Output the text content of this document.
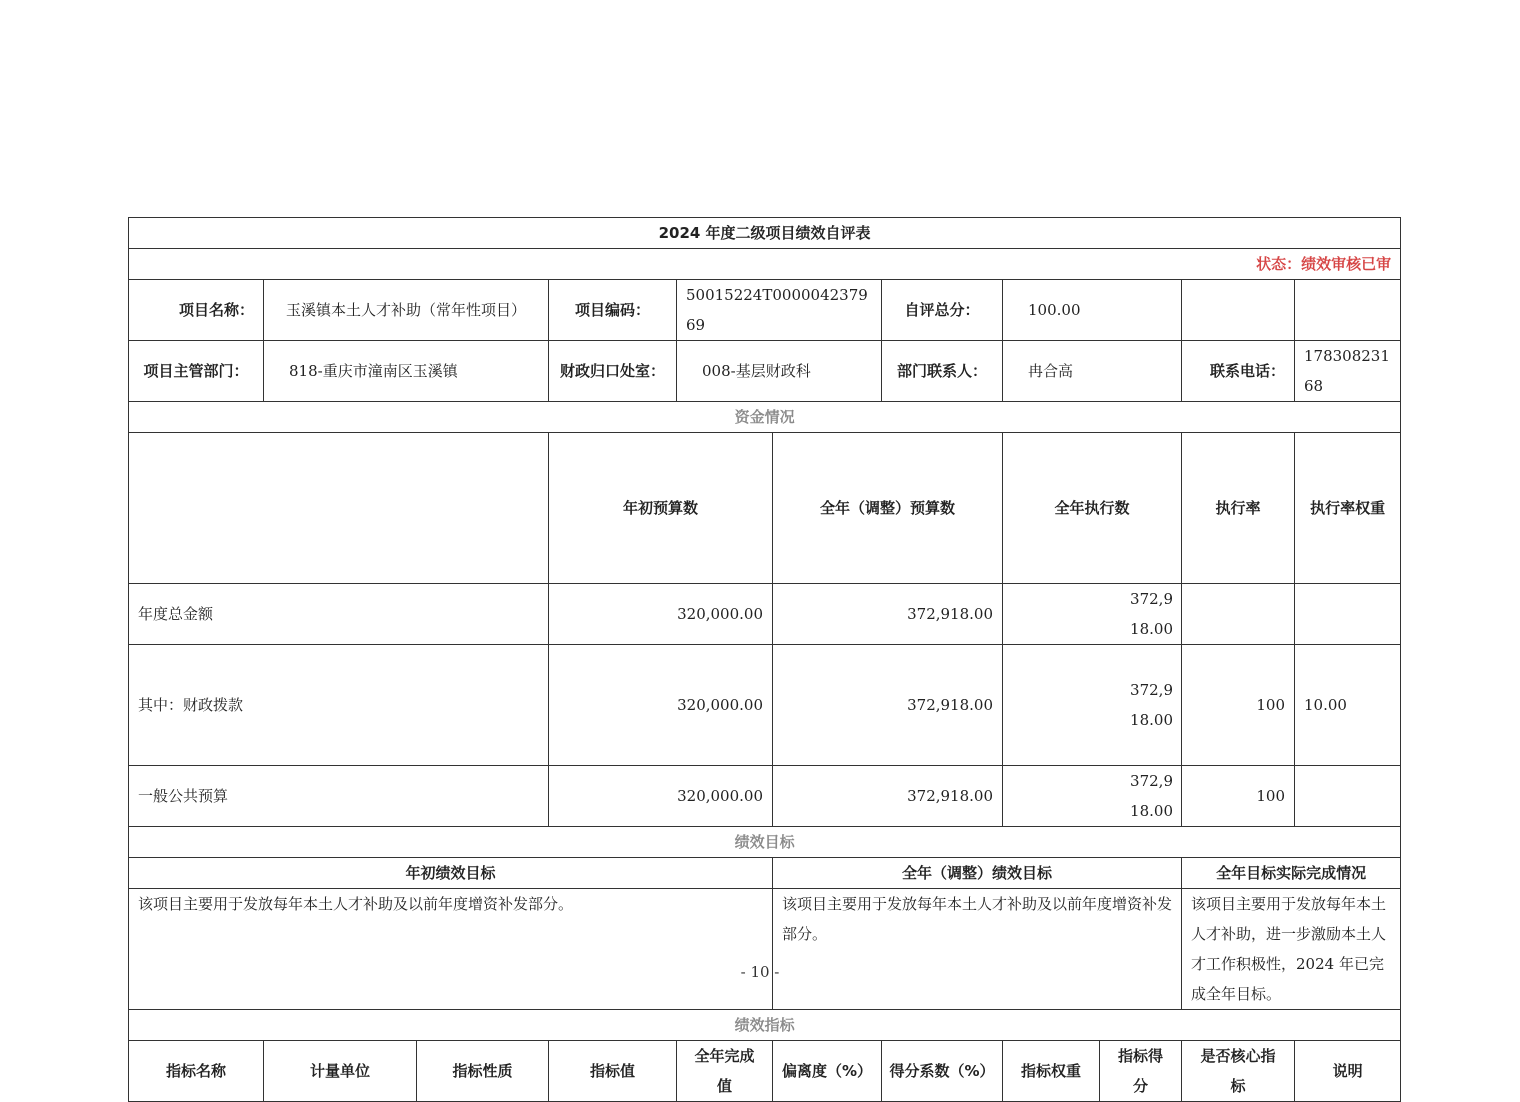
2024 年度二级项目绩效自评表											
状态：绩效审核已审											
项目名称：	玉溪镇本土人才补助（常年性项目）		项目编码：	50015224T000004237969		自评总分：	100.00				
项目主管部门：	818-重庆市潼南区玉溪镇		财政归口处室：	008-基层财政科		部门联系人：	冉合高		联系电话：	17830823168	
资金情况											
			年初预算数		全年（调整）预算数		全年执行数		执行率	执行率权重	
年度总金额			320,000.00		372,918.00		372,918.00				
其中：财政拨款			320,000.00		372,918.00		372,918.00		100	10.00	
一般公共预算			320,000.00		372,918.00		372,918.00		100		
绩效目标											
年初绩效目标					全年（调整）绩效目标				全年目标实际完成情况		
该项目主要用于发放每年本土人才补助及以前年度增资补发部分。					该项目主要用于发放每年本土人才补助及以前年度增资补发部分。				该项目主要用于发放每年本土人才补助，进一步激励本土人才工作积极性，2024 年已完成全年目标。		
绩效指标											
指标名称	计量单位	指标性质	指标值	全年完成值	偏离度（%）	得分系数（%）	指标权重	指标得分	是否核心指标	说明	
- 10 -
